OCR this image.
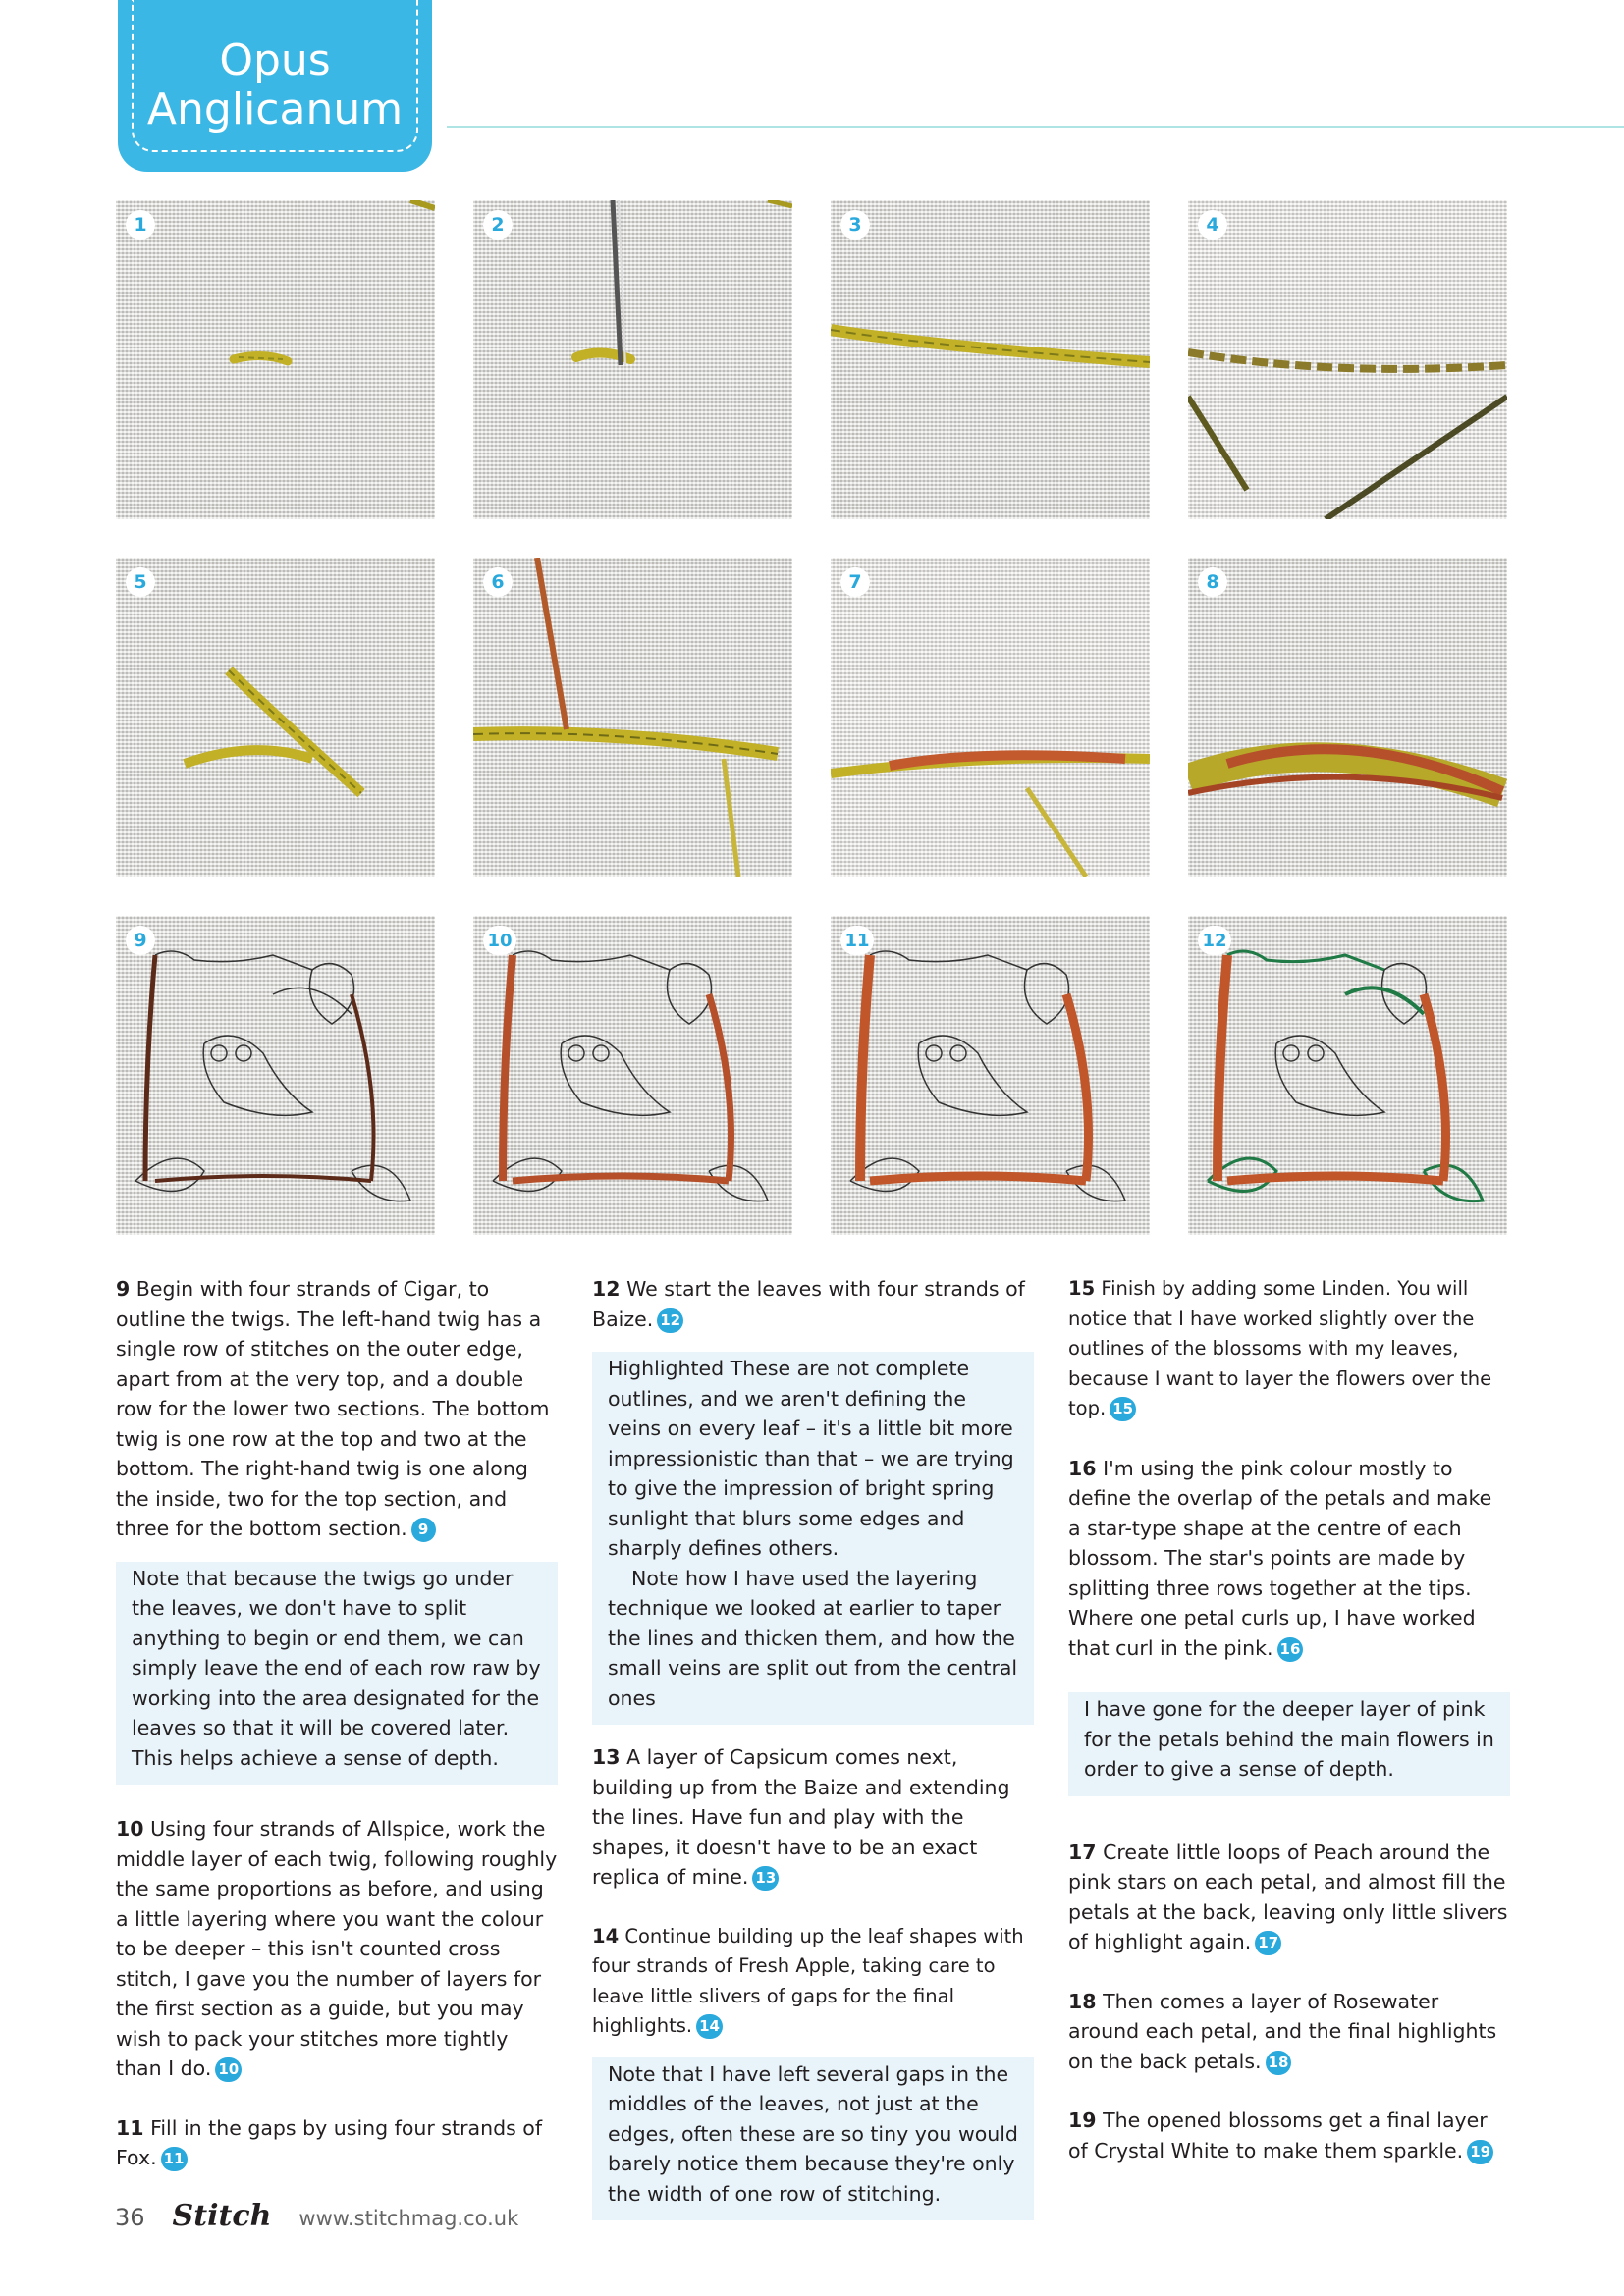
Opus
Anglicanum
1	2	3	4
5	6	7	8
9	10	11	12

9 Begin with four strands of Cigar, to outline the twigs. The left-hand twig has a single row of stitches on the outer edge, apart from at the very top, and a double row for the lower two sections. The bottom twig is one row at the top and two at the bottom. The right-hand twig is one along the inside, two for the top section, and three for the bottom section. 9

Note that because the twigs go under the leaves, we don't have to split anything to begin or end them, we can simply leave the end of each row raw by working into the area designated for the leaves so that it will be covered later. This helps achieve a sense of depth.

10 Using four strands of Allspice, work the middle layer of each twig, following roughly the same proportions as before, and using a little layering where you want the colour to be deeper – this isn't counted cross stitch, I gave you the number of layers for the first section as a guide, but you may wish to pack your stitches more tightly than I do. 10

11 Fill in the gaps by using four strands of Fox. 11

12 We start the leaves with four strands of Baize. 12

Highlighted These are not complete outlines, and we aren't defining the veins on every leaf – it's a little bit more impressionistic than that – we are trying to give the impression of bright spring sunlight that blurs some edges and sharply defines others.

Note how I have used the layering technique we looked at earlier to taper the lines and thicken them, and how the small veins are split out from the central ones

13 A layer of Capsicum comes next, building up from the Baize and extending the lines. Have fun and play with the shapes, it doesn't have to be an exact replica of mine. 13

14 Continue building up the leaf shapes with four strands of Fresh Apple, taking care to leave little slivers of gaps for the final highlights. 14

Note that I have left several gaps in the middles of the leaves, not just at the edges, often these are so tiny you would barely notice them because they're only the width of one row of stitching.

15 Finish by adding some Linden. You will notice that I have worked slightly over the outlines of the blossoms with my leaves, because I want to layer the flowers over the top. 15

16 I'm using the pink colour mostly to define the overlap of the petals and make a star-type shape at the centre of each blossom. The star's points are made by splitting three rows together at the tips. Where one petal curls up, I have worked that curl in the pink. 16

I have gone for the deeper layer of pink for the petals behind the main flowers in order to give a sense of depth.

17 Create little loops of Peach around the pink stars on each petal, and almost fill the petals at the back, leaving only little slivers of highlight again. 17

18 Then comes a layer of Rosewater around each petal, and the final highlights on the back petals. 18

19 The opened blossoms get a final layer of Crystal White to make them sparkle. 19

36 Stitch www.stitchmag.co.uk
